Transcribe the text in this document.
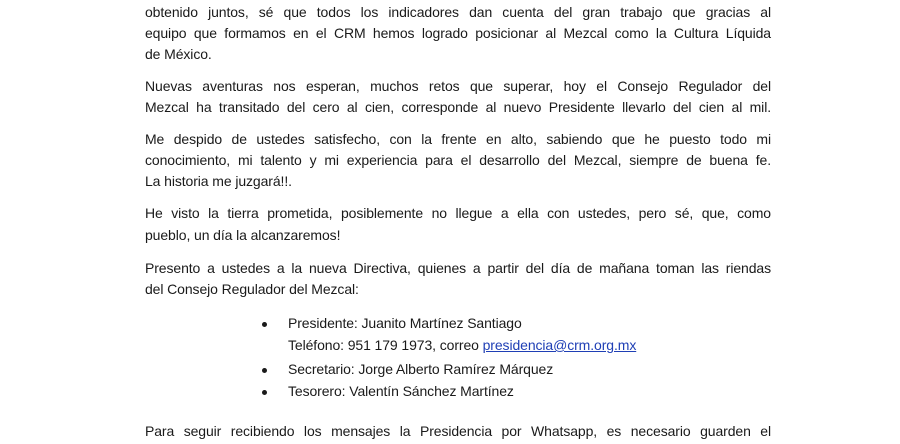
obtenido juntos, sé que todos los indicadores dan cuenta del gran trabajo que gracias al
equipo que formamos en el CRM hemos logrado posicionar al Mezcal como la Cultura Líquida
de México.
Nuevas aventuras nos esperan, muchos retos que superar, hoy el Consejo Regulador del
Mezcal ha transitado del cero al cien, corresponde al nuevo Presidente llevarlo del cien al mil.
Me despido de ustedes satisfecho, con la frente en alto, sabiendo que he puesto todo mi
conocimiento, mi talento y mi experiencia para el desarrollo del Mezcal, siempre de buena fe.
La historia me juzgará!!.
He visto la tierra prometida, posiblemente no llegue a ella con ustedes, pero sé, que, como
pueblo, un día la alcanzaremos!
Presento a ustedes a la nueva Directiva, quienes a partir del día de mañana toman las riendas
del Consejo Regulador del Mezcal:
Presidente: Juanito Martínez Santiago
Teléfono: 951 179 1973, correo presidencia@crm.org.mx
Secretario: Jorge Alberto Ramírez Márquez
Tesorero: Valentín Sánchez Martínez
Para seguir recibiendo los mensajes la Presidencia por Whatsapp, es necesario guarden el
